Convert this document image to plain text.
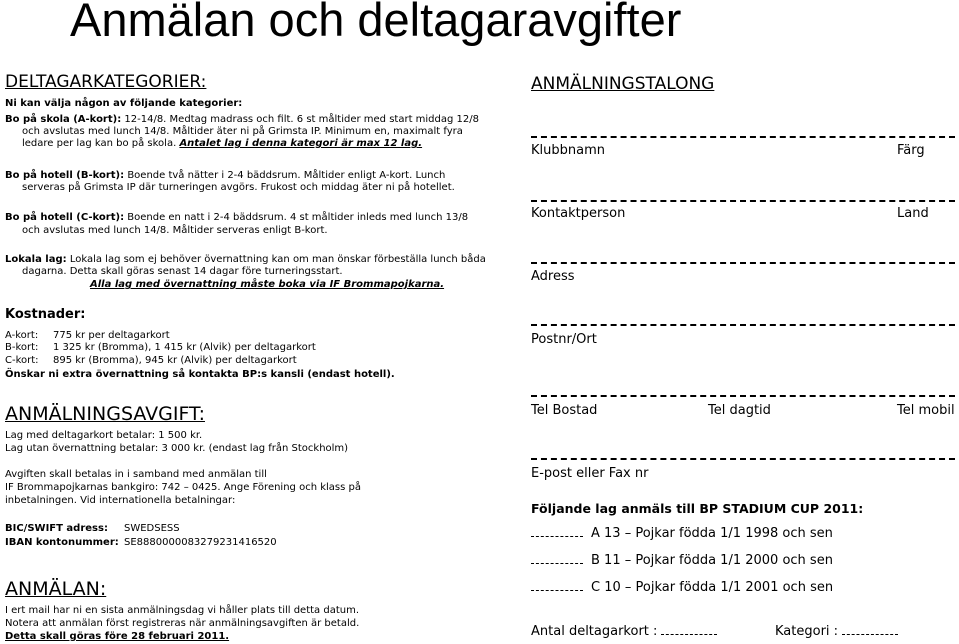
Anmälan och deltagaravgifter
DELTAGARKATEGORIER:
Ni kan välja någon av följande kategorier:
Bo på skola (A-kort): 12-14/8. Medtag madrass och filt. 6 st måltider med start middag 12/8
och avslutas med lunch 14/8. Måltider äter ni på Grimsta IP. Minimum en, maximalt fyra
ledare per lag kan bo på skola. Antalet lag i denna kategori är max 12 lag.
Bo på hotell (B-kort): Boende två nätter i 2-4 bäddsrum. Måltider enligt A-kort. Lunch
serveras på Grimsta IP där turneringen avgörs. Frukost och middag äter ni på hotellet.
Bo på hotell (C-kort): Boende en natt i 2-4 bäddsrum. 4 st måltider inleds med lunch 13/8
och avslutas med lunch 14/8. Måltider serveras enligt B-kort.
Lokala lag: Lokala lag som ej behöver övernattning kan om man önskar förbeställa lunch båda
dagarna. Detta skall göras senast 14 dagar före turneringsstart.
Alla lag med övernattning måste boka via IF Brommapojkarna.
Kostnader:
A-kort: 775 kr per deltagarkort
B-kort: 1 325 kr (Bromma), 1 415 kr (Alvik) per deltagarkort
C-kort: 895 kr (Bromma), 945 kr (Alvik) per deltagarkort
Önskar ni extra övernattning så kontakta BP:s kansli (endast hotell).
ANMÄLNINGSAVGIFT:
Lag med deltagarkort betalar: 1 500 kr.
Lag utan övernattning betalar: 3 000 kr. (endast lag från Stockholm)
Avgiften skall betalas in i samband med anmälan till
IF Brommapojkarnas bankgiro: 742 – 0425. Ange Förening och klass på
inbetalningen. Vid internationella betalningar:
BIC/SWIFT adress: SWEDSESS
IBAN kontonummer: SE8880000083279231416520
ANMÄLAN:
I ert mail har ni en sista anmälningsdag vi håller plats till detta datum.
Notera att anmälan först registreras när anmälningsavgiften är betald.
Detta skall göras före 28 februari 2011.
ANMÄLNINGSTALONG
Klubbnamn	Färg
Kontaktperson	Land
Adress
Postnr/Ort
Tel Bostad	Tel dagtid	Tel mobil
E-post eller Fax nr
Följande lag anmäls till BP STADIUM CUP 2011:
A 13 – Pojkar födda 1/1 1998 och sen
B 11 – Pojkar födda 1/1 2000 och sen
C 10 – Pojkar födda 1/1 2001 och sen
Antal deltagarkort :	Kategori :
